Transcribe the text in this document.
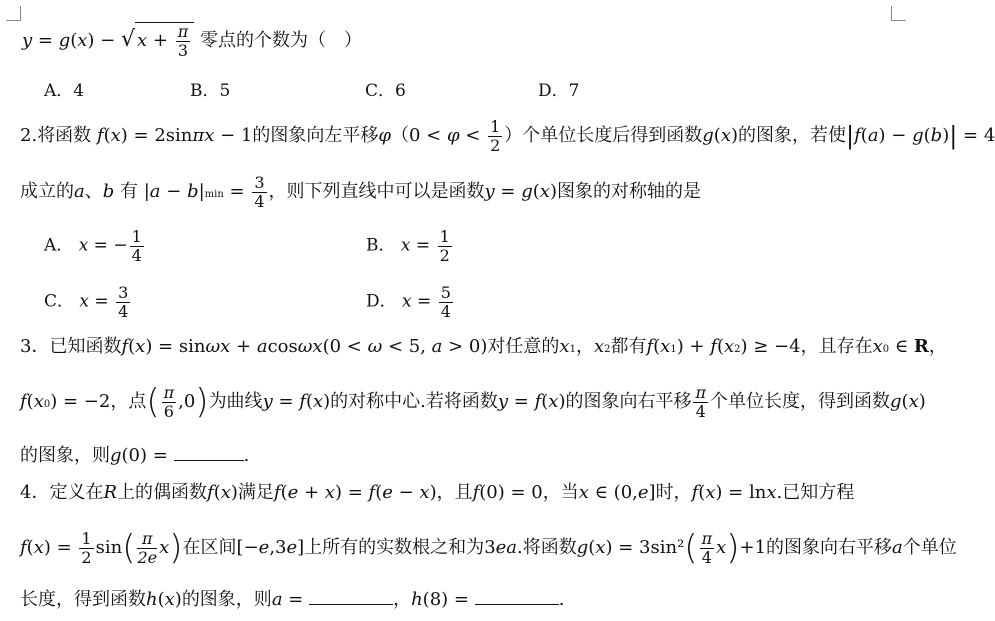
y = g(x) − √ $x + \frac{\pi}{3}$ 零点的个数为（　）
A．4	B．5	C．6	D．7
2.将函数 f(x) = 2sinπx − 1的图象向左平移$\varphi(0 < \varphi < \frac{1}{2}$ ）个单位长度后得到函数g(x)的图象，若使|f(a) − g(b)| = 4
成立的a、b 有 $|a - b|\min = \frac{3}{4}$ ，则下列直线中可以是函数y = g(x)图象的对称轴的是
A． x = − $\frac{1}{4}$	B． $x = \frac{1}{2}$
C． $x = \frac{3}{4}$	D． $x = \frac{5}{4}$
3．已知函数f(x) = sinωx + acosωx(0 < ω < 5, a > 0)对任意的x1，x2都有f(x1) + f(x2) ≥ −4，且存在x0 ∈ R，
f(x0) = −2，点( $\frac{\pi}{6} ,0$)为曲线y = f(x)的对称中心.若将函数y = f(x)的图象向右平移 $\frac{\pi}{4}$ 个单位长度，得到函数g(x)
的图象，则g(0) =	.
4．定义在R上的偶函数f(x)满足f(e + x) = f(e − x)，且f(0) = 0，当x ∈ (0,e]时，f(x) = lnx.已知方程
$f(x) = \frac{1}{2} \sin( \frac{\pi}{2e} x)$在区间[−e,3e]上所有的实数根之和为3ea.将函数$g(x) = 3\sin^2( \frac{\pi}{4} x)+1$的图象向右平移a个单位
长度，得到函数h(x)的图象，则a =	，h(8) =	.
